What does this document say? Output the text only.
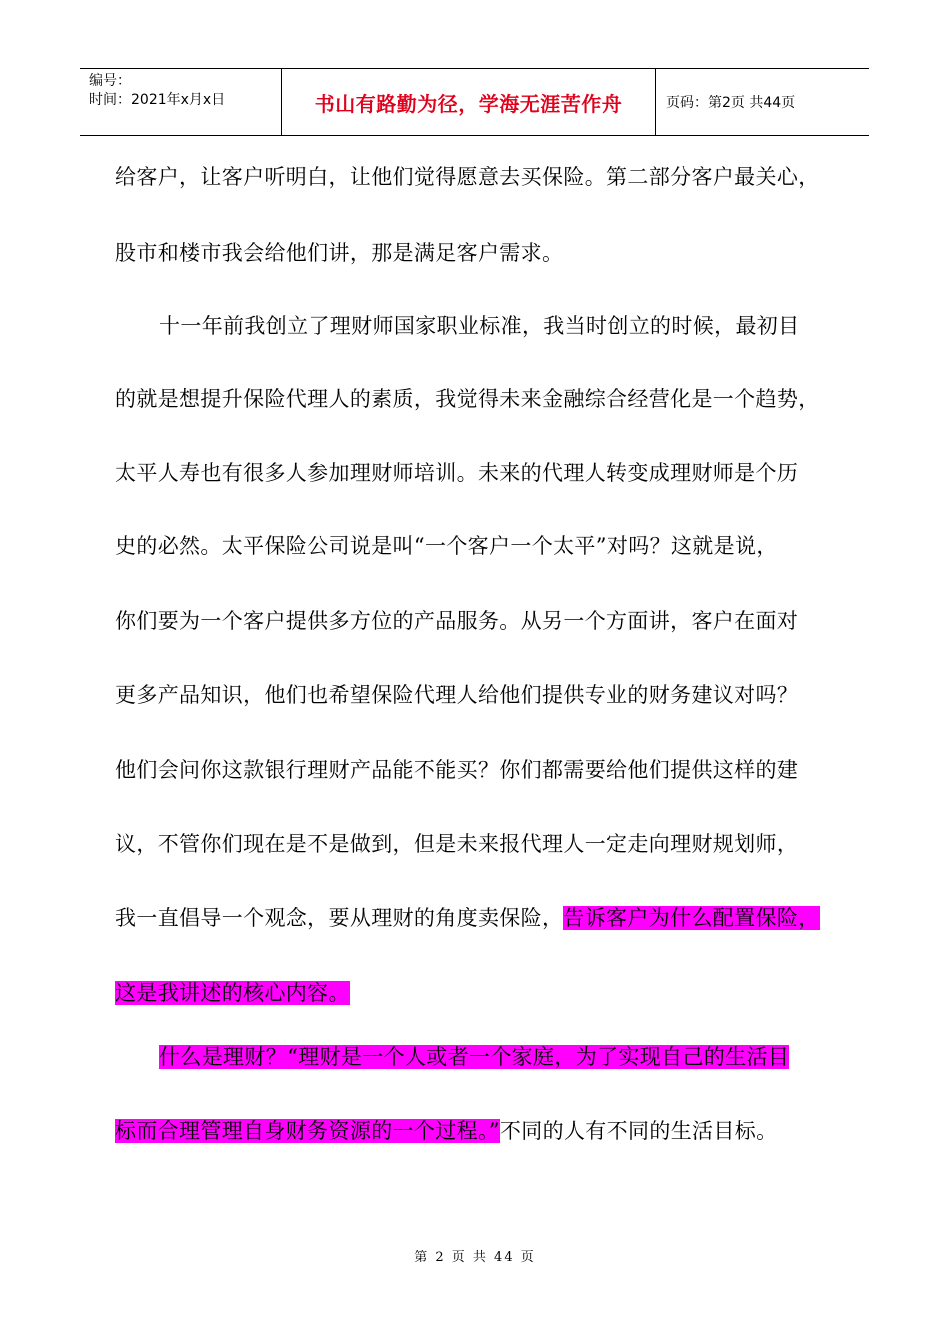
编号：
时间：2021年x月x日	书山有路勤为径，学海无涯苦作舟	页码：第2页 共44页
给客户，让客户听明白，让他们觉得愿意去买保险。第二部分客户最关心，
股市和楼市我会给他们讲，那是满足客户需求。
十一年前我创立了理财师国家职业标准，我当时创立的时候，最初目
的就是想提升保险代理人的素质，我觉得未来金融综合经营化是一个趋势，
太平人寿也有很多人参加理财师培训。未来的代理人转变成理财师是个历
史的必然。太平保险公司说是叫“一个客户一个太平”对吗？这就是说，
你们要为一个客户提供多方位的产品服务。从另一个方面讲，客户在面对
更多产品知识，他们也希望保险代理人给他们提供专业的财务建议对吗？
他们会问你这款银行理财产品能不能买？你们都需要给他们提供这样的建
议，不管你们现在是不是做到，但是未来报代理人一定走向理财规划师，
我一直倡导一个观念，要从理财的角度卖保险，告诉客户为什么配置保险，
这是我讲述的核心内容。
什么是理财？“理财是一个人或者一个家庭，为了实现自己的生活目
标而合理管理自身财务资源的一个过程。”不同的人有不同的生活目标。
第 2 页 共 44 页
